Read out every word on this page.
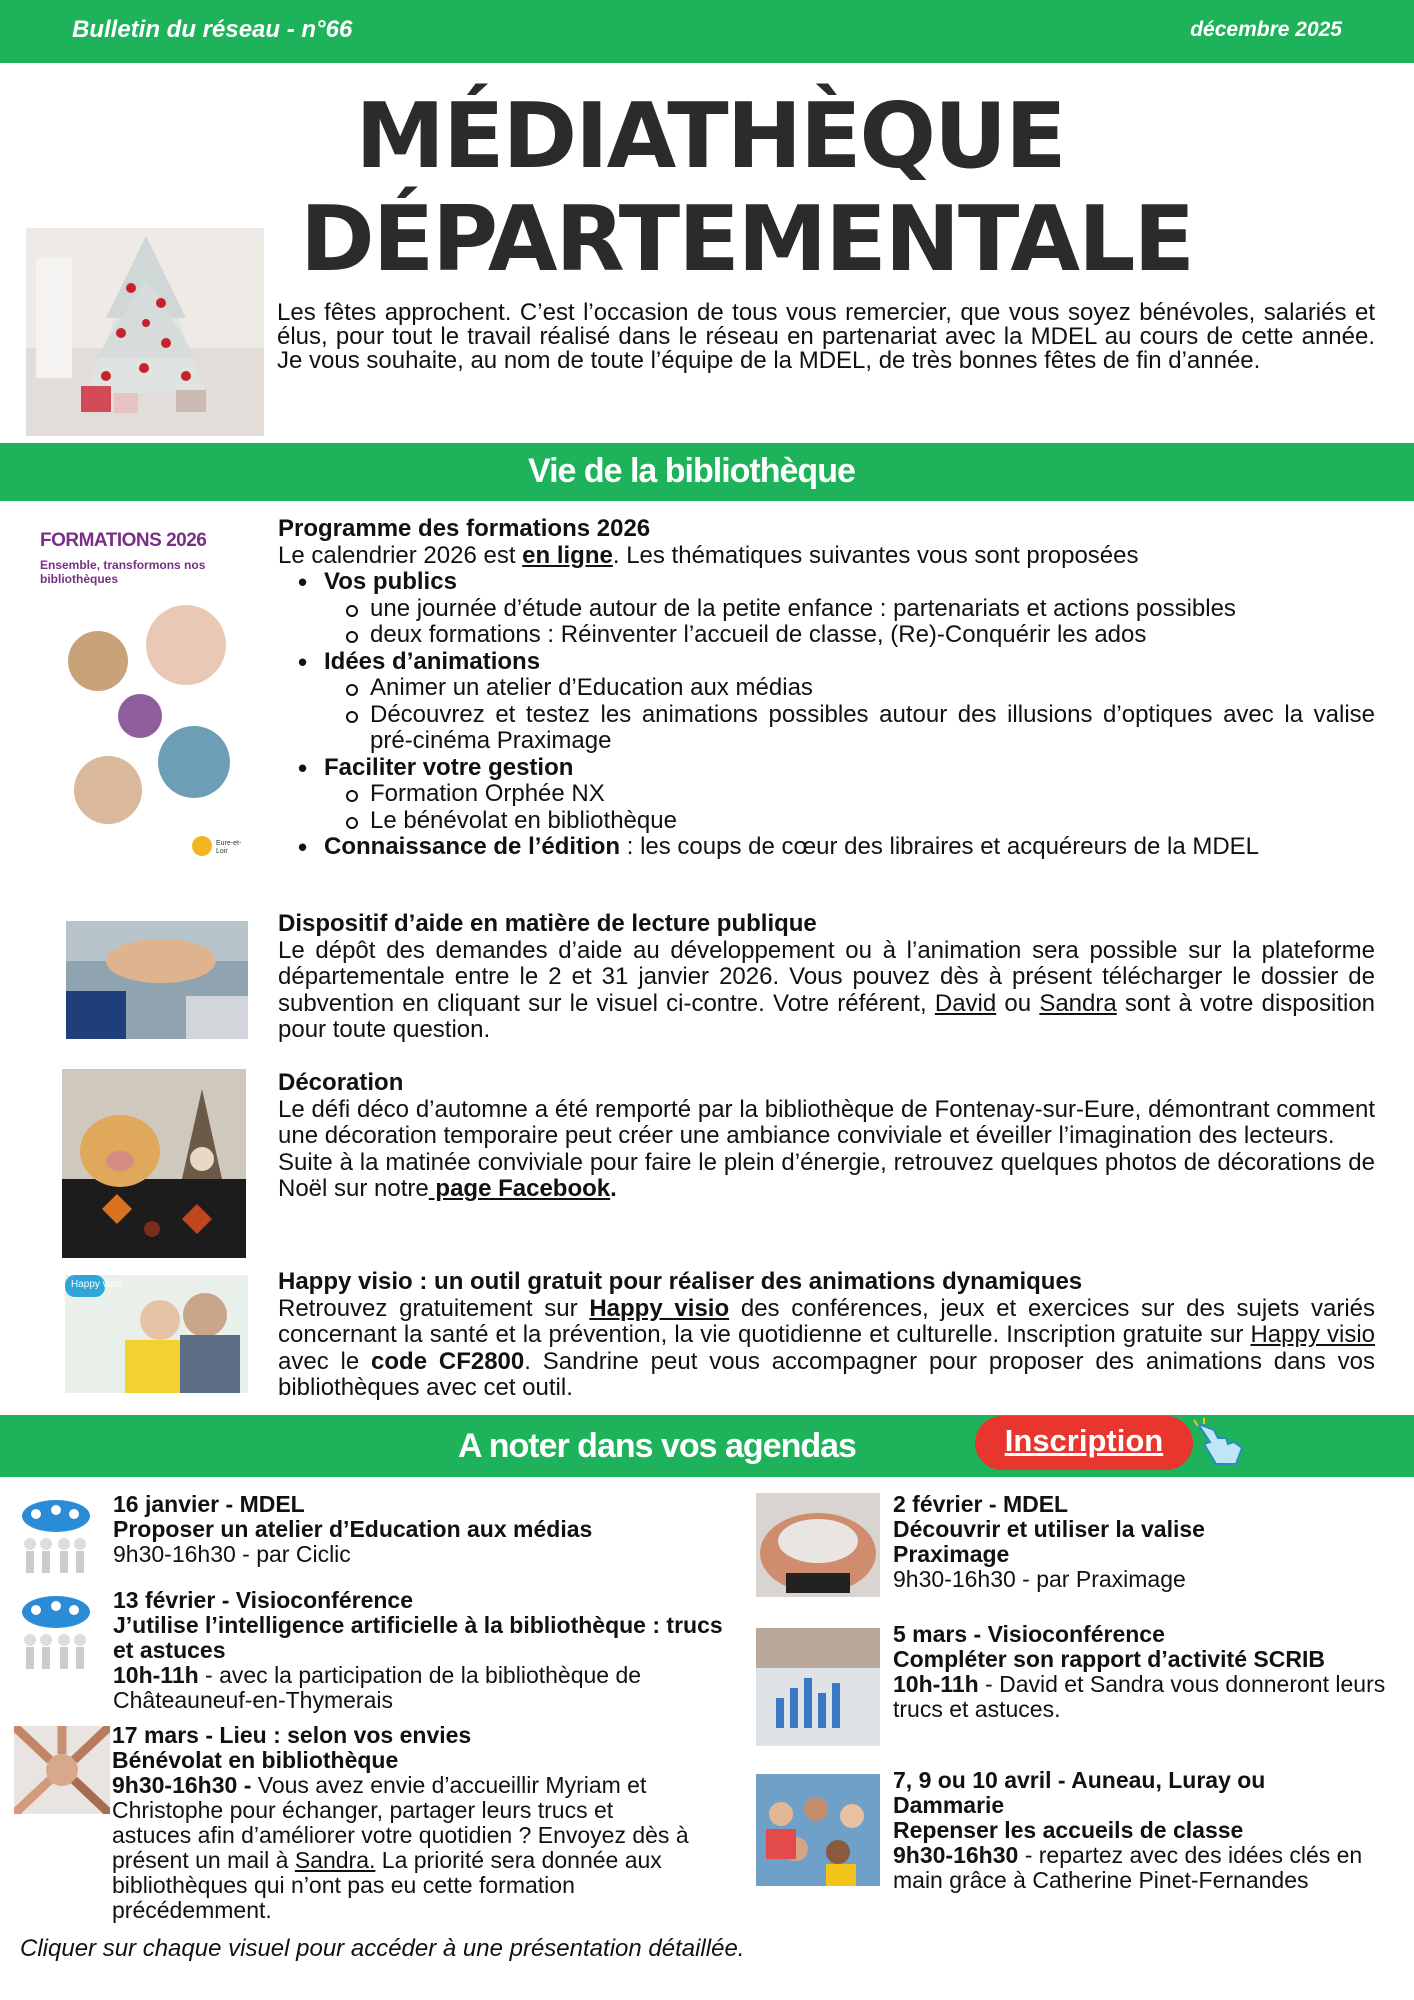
Bulletin du réseau - n°66	décembre 2025
MÉDIATHÈQUE
DÉPARTEMENTALE
Les fêtes approchent. C’est l’occasion de tous vous remercier, que vous soyez bénévoles, salariés et élus, pour tout le travail réalisé dans le réseau en partenariat avec la MDEL au cours de cette année. Je vous souhaite, au nom de toute l’équipe de la MDEL, de très bonnes fêtes de fin d’année.
Vie de la bibliothèque
FORMATIONS 2026
Ensemble, transformons nos bibliothèques
Eure-et-Loir
Programme des formations 2026
Le calendrier 2026 est en ligne. Les thématiques suivantes vous sont proposées
• Vos publics
une journée d’étude autour de la petite enfance : partenariats et actions possibles
deux formations : Réinventer l’accueil de classe, (Re)-Conquérir les ados
• Idées d’animations
Animer un atelier d’Education aux médias
Découvrez et testez les animations possibles autour des illusions d’optiques avec la valise pré-cinéma Praximage
• Faciliter votre gestion
Formation Orphée NX
Le bénévolat en bibliothèque
• Connaissance de l’édition : les coups de cœur des libraires et acquéreurs de la MDEL
Dispositif d’aide en matière de lecture publique
Le dépôt des demandes d’aide au développement ou à l’animation sera possible sur la plateforme départementale entre le 2 et 31 janvier 2026. Vous pouvez dès à présent télécharger le dossier de subvention en cliquant sur le visuel ci-contre. Votre référent, David ou Sandra sont à votre disposition pour toute question.
Décoration
Le défi déco d’automne a été remporté par la bibliothèque de Fontenay-sur-Eure, démontrant comment une décoration temporaire peut créer une ambiance conviviale et éveiller l’imagination des lecteurs.
Suite à la matinée conviviale pour faire le plein d’énergie, retrouvez quelques photos de décorations de Noël sur notre page Facebook.
Happy visio	Happy visio : un outil gratuit pour réaliser des animations dynamiques
Retrouvez gratuitement sur Happy visio des conférences, jeux et exercices sur des sujets variés concernant la santé et la prévention, la vie quotidienne et culturelle. Inscription gratuite sur Happy visio avec le code CF2800. Sandrine peut vous accompagner pour proposer des animations dans vos bibliothèques avec cet outil.
A noter dans vos agendas	Inscription
16 janvier - MDEL
Proposer un atelier d’Education aux médias
9h30-16h30 - par Ciclic
13 février - Visioconférence
J’utilise l’intelligence artificielle à la bibliothèque : trucs et astuces
10h-11h - avec la participation de la bibliothèque de Châteauneuf-en-Thymerais
17 mars - Lieu : selon vos envies
Bénévolat en bibliothèque
9h30-16h30 - Vous avez envie d’accueillir Myriam et Christophe pour échanger, partager leurs trucs et astuces afin d’améliorer votre quotidien ? Envoyez dès à présent un mail à Sandra. La priorité sera donnée aux bibliothèques qui n’ont pas eu cette formation précédemment.
2 février - MDEL
Découvrir et utiliser la valise Praximage
9h30-16h30 - par Praximage
5 mars - Visioconférence
Compléter son rapport d’activité SCRIB
10h-11h - David et Sandra vous donneront leurs trucs et astuces.
7, 9 ou 10 avril - Auneau, Luray ou Dammarie
Repenser les accueils de classe
9h30-16h30 - repartez avec des idées clés en main grâce à Catherine Pinet-Fernandes
Cliquer sur chaque visuel pour accéder à une présentation détaillée.
